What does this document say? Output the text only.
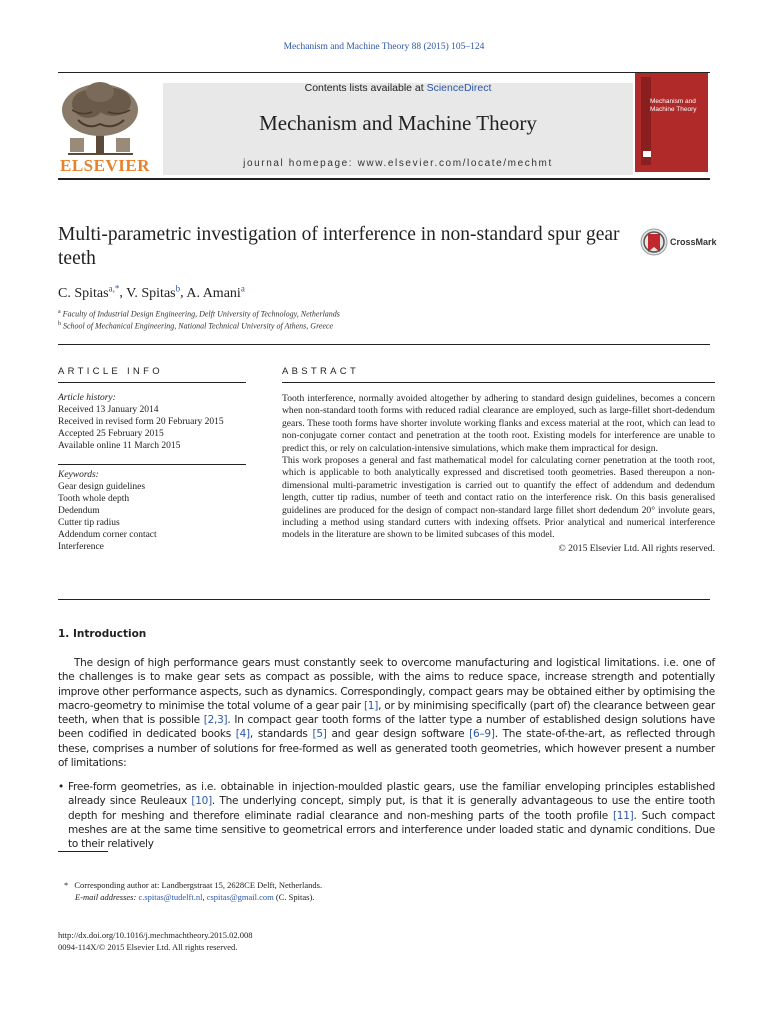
Mechanism and Machine Theory 88 (2015) 105–124
ELSEVIER
Contents lists available at ScienceDirect
Mechanism and Machine Theory
journal homepage: www.elsevier.com/locate/mechmt
Mechanism and Machine Theory
Multi-parametric investigation of interference in non-standard spur gear teeth
CrossMark
C. Spitas$^{a,*}$, V. Spitas$^b$, A. Amani$^a$
$^a$ Faculty of Industrial Design Engineering, Delft University of Technology, Netherlands
$^b$ School of Mechanical Engineering, National Technical University of Athens, Greece
ARTICLE INFO
Article history:
Received 13 January 2014
Received in revised form 20 February 2015
Accepted 25 February 2015
Available online 11 March 2015
Keywords:
Gear design guidelines
Tooth whole depth
Dedendum
Cutter tip radius
Addendum corner contact
Interference
ABSTRACT

Tooth interference, normally avoided altogether by adhering to standard design guidelines, becomes a concern when non-standard tooth forms with reduced radial clearance are employed, such as large-fillet short-dedendum gears. These tooth forms have shorter involute working flanks and excess material at the root, which can lead to non-conjugate corner contact and penetration at the tooth root. Existing models for interference are unable to predict this, or rely on calculation-intensive simulations, which make them impractical for design.

This work proposes a general and fast mathematical model for calculating corner penetration at the tooth root, which is applicable to both analytically expressed and discretised tooth geometries. Based thereupon a non-dimensional multi-parametric investigation is carried out to quantify the effect of addendum and dedendum length, cutter tip radius, number of teeth and contact ratio on the interference risk. On this basis generalised guidelines are produced for the design of compact non-standard large fillet short dedendum 20° involute gears, including a method using standard cutters with indexing offsets. Prior analytical and numerical interference models in the literature are shown to be limited subcases of this model.

© 2015 Elsevier Ltd. All rights reserved.

1. Introduction

The design of high performance gears must constantly seek to overcome manufacturing and logistical limitations. i.e. one of the challenges is to make gear sets as compact as possible, with the aims to reduce space, increase strength and potentially improve other performance aspects, such as dynamics. Correspondingly, compact gears may be obtained either by optimising the macro-geometry to minimise the total volume of a gear pair [1], or by minimising specifically (part of) the clearance between gear teeth, when that is possible [2,3]. In compact gear tooth forms of the latter type a number of established design solutions have been codified in dedicated books [4], standards [5] and gear design software [6–9]. The state-of-the-art, as reflected through these, comprises a number of solutions for free-formed as well as generated tooth geometries, which however present a number of limitations:

• Free-form geometries, as i.e. obtainable in injection-moulded plastic gears, use the familiar enveloping principles established already since Reuleaux [10]. The underlying concept, simply put, is that it is generally advantageous to use the entire tooth depth for meshing and therefore eliminate radial clearance and non-meshing parts of the tooth profile [11]. Such compact meshes are at the same time sensitive to geometrical errors and interference under loaded static and dynamic conditions. Due to their relatively

* Corresponding author at: Landbergstraat 15, 2628CE Delft, Netherlands.
E-mail addresses: c.spitas@tudelft.nl, cspitas@gmail.com (C. Spitas).
http://dx.doi.org/10.1016/j.mechmachtheory.2015.02.008
0094-114X/© 2015 Elsevier Ltd. All rights reserved.
